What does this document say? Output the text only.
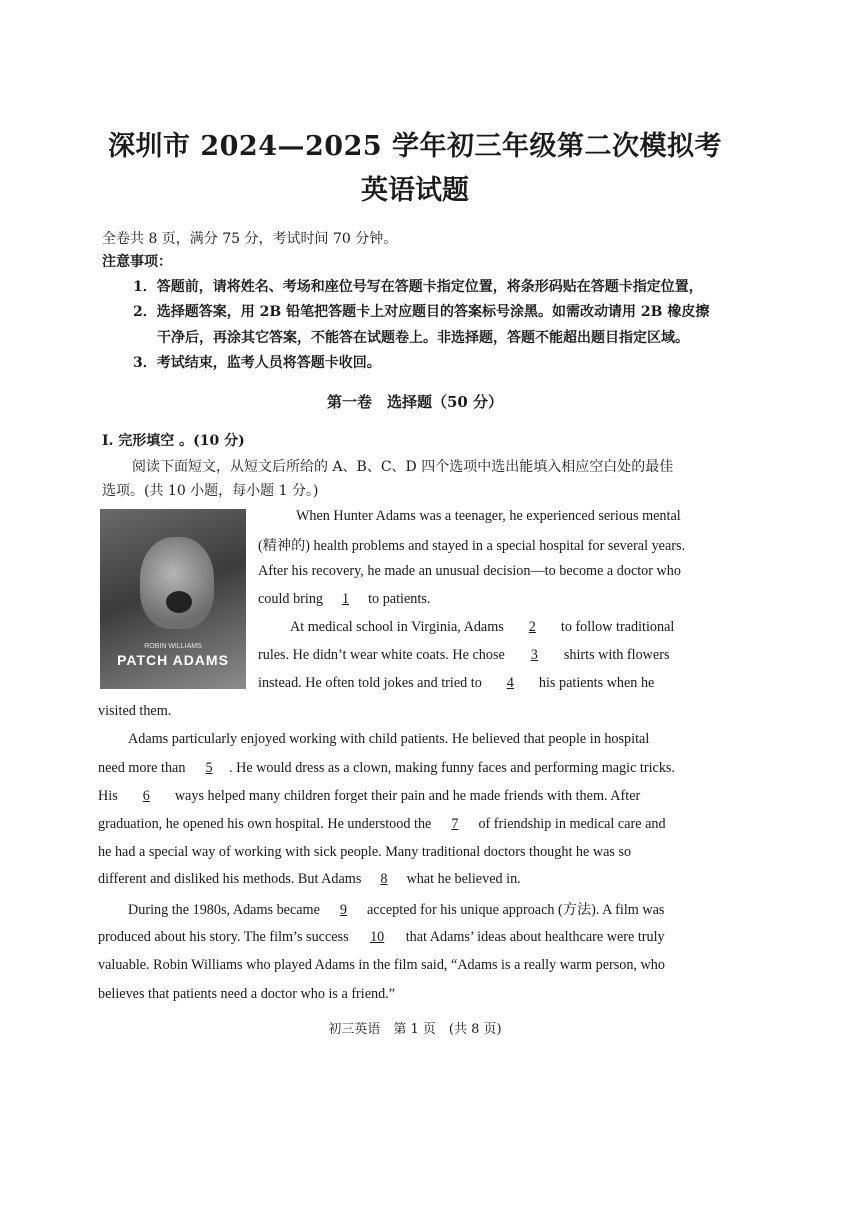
深圳市 2024—2025 学年初三年级第二次模拟考
英语试题
全卷共 8 页，满分 75 分，考试时间 70 分钟。
注意事项：
1．答题前，请将姓名、考场和座位号写在答题卡指定位置，将条形码贴在答题卡指定位置，
2．选择题答案，用 2B 铅笔把答题卡上对应题目的答案标号涂黑。如需改动请用 2B 橡皮擦
干净后，再涂其它答案，不能答在试题卷上。非选择题，答题不能超出题目指定区域。
3．考试结束，监考人员将答题卡收回。
第一卷　选择题（50 分）
I. 完形填空 。(10 分)
阅读下面短文，从短文后所给的 A、B、C、D 四个选项中选出能填入相应空白处的最佳
选项。(共 10 小题，每小题 1 分。)
ROBIN WILLIAMS
PATCH ADAMS
When Hunter Adams was a teenager, he experienced serious mental
(精神的) health problems and stayed in a special hospital for several years.
After his recovery, he made an unusual decision—to become a doctor who
could bring 1 to patients.
At medical school in Virginia, Adams 2 to follow traditional
rules. He didn’t wear white coats. He chose 3 shirts with flowers
instead. He often told jokes and tried to 4 his patients when he
visited them.
Adams particularly enjoyed working with child patients. He believed that people in hospital
need more than 5 . He would dress as a clown, making funny faces and performing magic tricks.
His 6 ways helped many children forget their pain and he made friends with them. After
graduation, he opened his own hospital. He understood the 7 of friendship in medical care and
he had a special way of working with sick people. Many traditional doctors thought he was so
different and disliked his methods. But Adams 8 what he believed in.
During the 1980s, Adams became 9 accepted for his unique approach (方法). A film was
produced about his story. The film’s success 10 that Adams’ ideas about healthcare were truly
valuable. Robin Williams who played Adams in the film said, “Adams is a really warm person, who
believes that patients need a doctor who is a friend.”
初三英语　第 1 页　(共 8 页)
